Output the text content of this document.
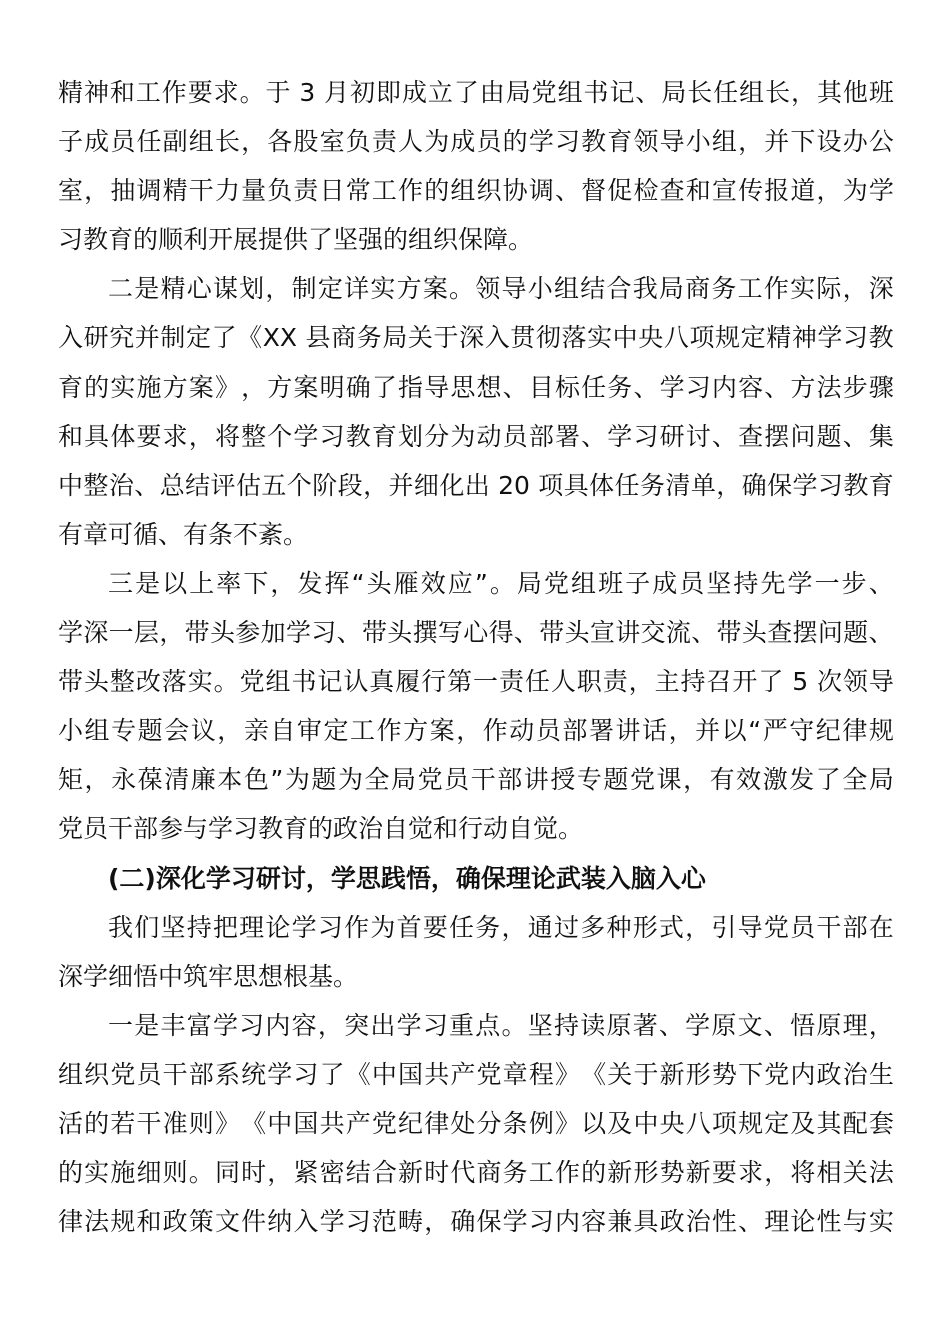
精 神 和 工 作 要 求 。 于 3 月 初 即 成 立 了 由 局 党 组 书 记 、 局 长 任 组 长 ， 其 他 班
子 成 员 任 副 组 长 ， 各 股 室 负 责 人 为 成 员 的 学 习 教 育 领 导 小 组 ， 并 下 设 办 公
室 ， 抽 调 精 干 力 量 负 责 日 常 工 作 的 组 织 协 调 、 督 促 检 查 和 宣 传 报 道 ， 为 学
习教育的顺利开展提供了坚强的组织保障。
二 是 精 心 谋 划 ， 制 定 详 实 方 案 。 领 导 小 组 结 合 我 局 商 务 工 作 实 际 ， 深
入 研 究 并 制 定 了 《 XX 县 商 务 局 关 于 深 入 贯 彻 落 实 中 央 八 项 规 定 精 神 学 习 教
育 的 实 施 方 案 》 ， 方 案 明 确 了 指 导 思 想 、 目 标 任 务 、 学 习 内 容 、 方 法 步 骤
和 具 体 要 求 ， 将 整 个 学 习 教 育 划 分 为 动 员 部 署 、 学 习 研 讨 、 查 摆 问 题 、 集
中 整 治 、 总 结 评 估 五 个 阶 段 ， 并 细 化 出 20 项 具 体 任 务 清 单 ， 确 保 学 习 教 育
有章可循、有条不紊。
三 是 以 上 率 下 ， 发 挥 “ 头 雁 效 应 ” 。 局 党 组 班 子 成 员 坚 持 先 学 一 步 、
学 深 一 层 ， 带 头 参 加 学 习 、 带 头 撰 写 心 得 、 带 头 宣 讲 交 流 、 带 头 查 摆 问 题 、
带 头 整 改 落 实 。 党 组 书 记 认 真 履 行 第 一 责 任 人 职 责 ， 主 持 召 开 了 5 次 领 导
小 组 专 题 会 议 ， 亲 自 审 定 工 作 方 案 ， 作 动 员 部 署 讲 话 ， 并 以 “ 严 守 纪 律 规
矩 ， 永 葆 清 廉 本 色 ” 为 题 为 全 局 党 员 干 部 讲 授 专 题 党 课 ， 有 效 激 发 了 全 局
党员干部参与学习教育的政治自觉和行动自觉。
(二)深化学习研讨，学思践悟，确保理论武装入脑入心
我 们 坚 持 把 理 论 学 习 作 为 首 要 任 务 ， 通 过 多 种 形 式 ， 引 导 党 员 干 部 在
深学细悟中筑牢思想根基。
一 是 丰 富 学 习 内 容 ， 突 出 学 习 重 点 。 坚 持 读 原 著 、 学 原 文 、 悟 原 理 ，
组 织 党 员 干 部 系 统 学 习 了 《 中 国 共 产 党 章 程 》 《 关 于 新 形 势 下 党 内 政 治 生
活 的 若 干 准 则 》 《 中 国 共 产 党 纪 律 处 分 条 例 》 以 及 中 央 八 项 规 定 及 其 配 套
的 实 施 细 则 。 同 时 ， 紧 密 结 合 新 时 代 商 务 工 作 的 新 形 势 新 要 求 ， 将 相 关 法
律 法 规 和 政 策 文 件 纳 入 学 习 范 畴 ， 确 保 学 习 内 容 兼 具 政 治 性 、 理 论 性 与 实
